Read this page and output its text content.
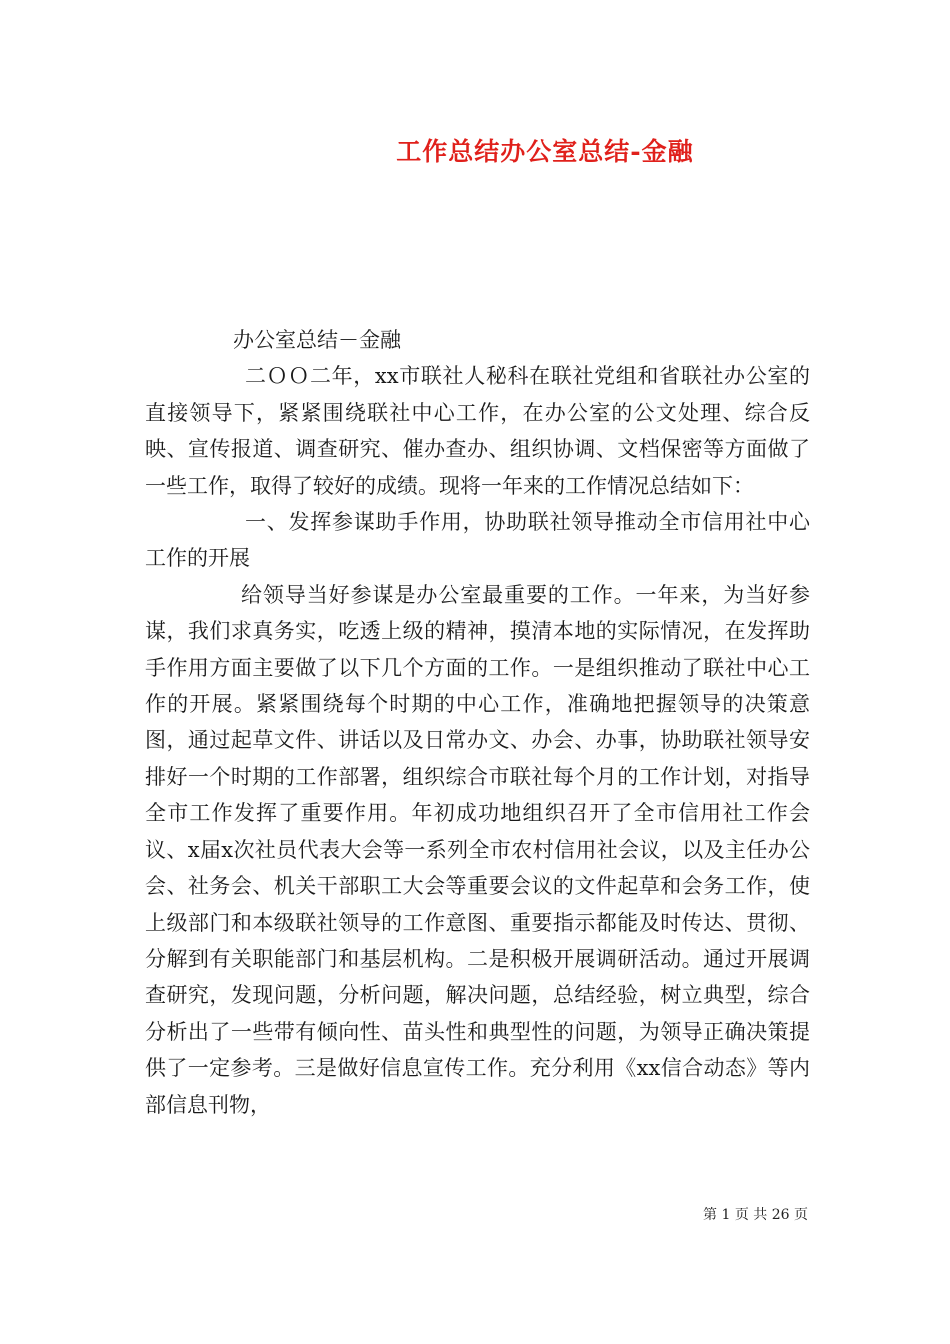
工作总结办公室总结-金融

办公室总结－金融

二ＯＯ二年，xx市联社人秘科在联社党组和省联社办公室的直接领导下，紧紧围绕联社中心工作，在办公室的公文处理、综合反映、宣传报道、调查研究、催办查办、组织协调、文档保密等方面做了一些工作，取得了较好的成绩。现将一年来的工作情况总结如下：

一、发挥参谋助手作用，协助联社领导推动全市信用社中心工作的开展

给领导当好参谋是办公室最重要的工作。一年来，为当好参谋，我们求真务实，吃透上级的精神，摸清本地的实际情况，在发挥助手作用方面主要做了以下几个方面的工作。一是组织推动了联社中心工作的开展。紧紧围绕每个时期的中心工作，准确地把握领导的决策意图，通过起草文件、讲话以及日常办文、办会、办事，协助联社领导安排好一个时期的工作部署，组织综合市联社每个月的工作计划，对指导全市工作发挥了重要作用。年初成功地组织召开了全市信用社工作会议、x届x次社员代表大会等一系列全市农村信用社会议，以及主任办公会、社务会、机关干部职工大会等重要会议的文件起草和会务工作，使上级部门和本级联社领导的工作意图、重要指示都能及时传达、贯彻、分解到有关职能部门和基层机构。二是积极开展调研活动。通过开展调查研究，发现问题，分析问题，解决问题，总结经验，树立典型，综合分析出了一些带有倾向性、苗头性和典型性的问题，为领导正确决策提供了一定参考。三是做好信息宣传工作。充分利用《xx信合动态》等内部信息刊物，

第 1 页 共 26 页
